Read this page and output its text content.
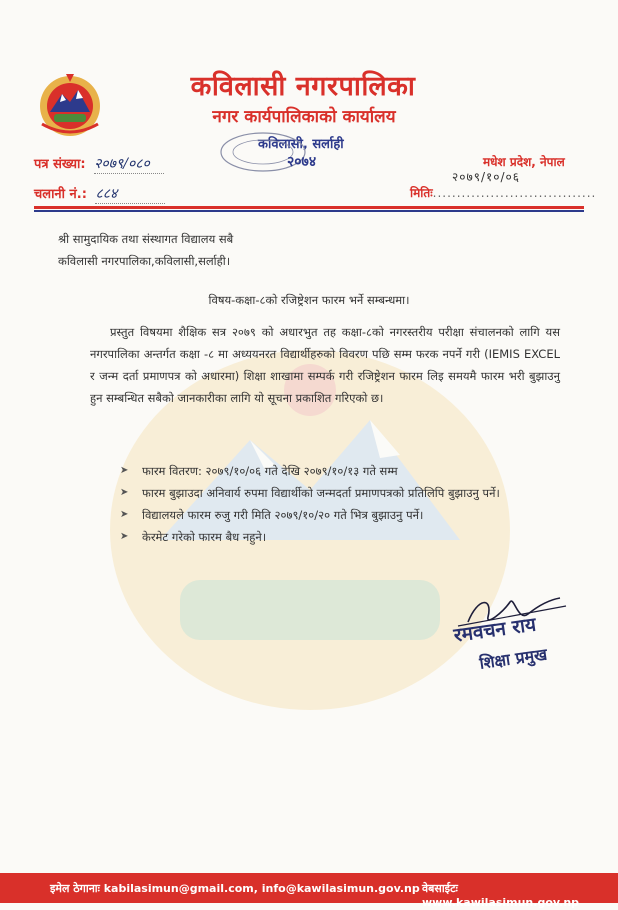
कविलासी नगरपालिका
नगर कार्यपालिकाको कार्यालय
कविलासी, सर्लाही
२०७४
पत्र संख्या: २०७९/०८०
चलानी नं.: ८८४
मधेश प्रदेश, नेपाल
२०७९/१०/०६
मितिः..................................
श्री सामुदायिक तथा संस्थागत विद्यालय सबै
कविलासी नगरपालिका,कविलासी,सर्लाही।
विषय-कक्षा-८को रजिष्ट्रेशन फारम भर्ने सम्बन्धमा।
प्रस्तुत विषयमा शैक्षिक सत्र २०७९ को अधारभुत तह कक्षा-८को नगरस्तरीय परीक्षा संचालनको लागि यस नगरपालिका अन्तर्गत कक्षा -८ मा अध्ययनरत विद्यार्थीहरुको विवरण पछि सम्म फरक नपर्ने गरी (IEMIS EXCEL र जन्म दर्ता प्रमाणपत्र को अधारमा) शिक्षा शाखामा सम्पर्क गरी रजिष्ट्रेशन फारम लिइ समयमै फारम भरी बुझाउनु हुन सम्बन्धित सबैको जानकारीका लागि यो सूचना प्रकाशित गरिएको छ।
➤ फारम वितरण: २०७९/१०/०६ गते देखि २०७९/१०/१३ गते सम्म
➤ फारम बुझाउदा अनिवार्य रुपमा विद्यार्थीको जन्मदर्ता प्रमाणपत्रको प्रतिलिपि बुझाउनु पर्ने।
➤ विद्यालयले फारम रुजु गरी मिति २०७९/१०/२० गते भित्र बुझाउनु पर्ने।
➤ केरमेट गरेको फारम बैध नहुने।
रमवचन राय
शिक्षा प्रमुख
इमेल ठेगानाः kabilasimun@gmail.com, info@kawilasimun.gov.np वेबसाईटः www.kawilasimun.gov.np
